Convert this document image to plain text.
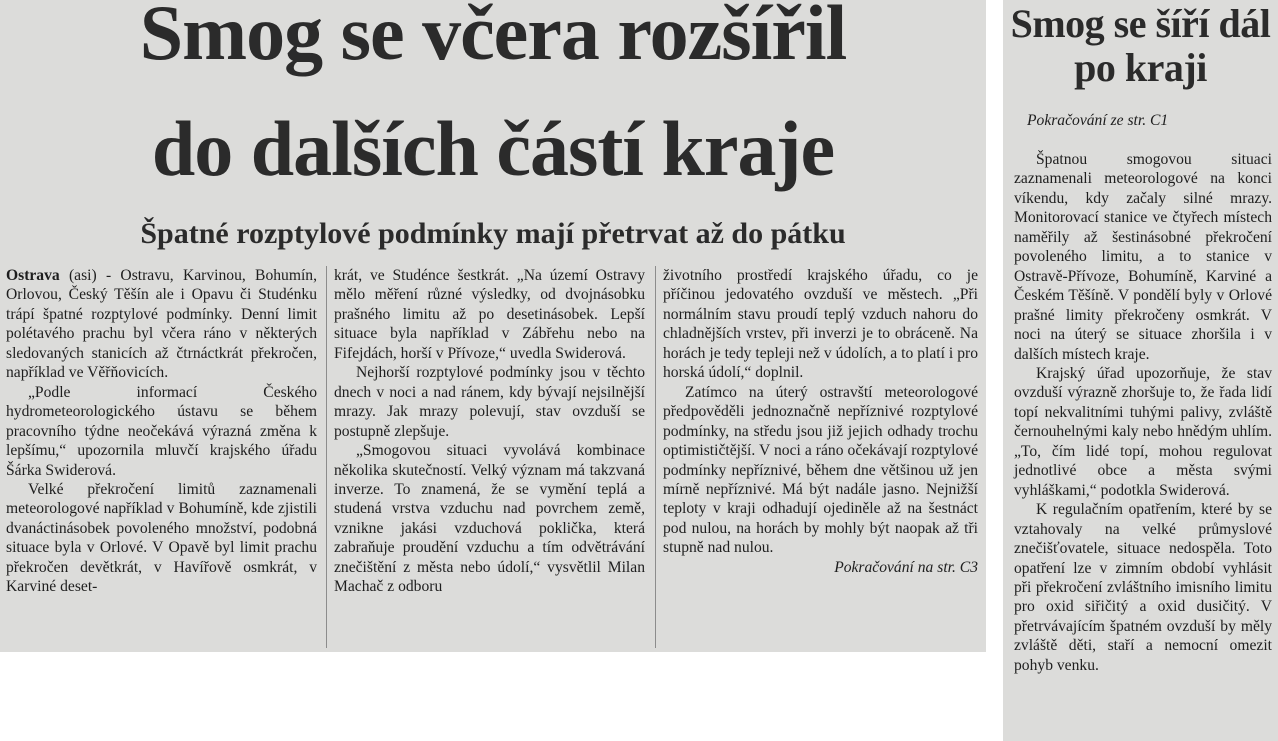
Smog se včera rozšířil
do dalších částí kraje
Špatné rozptylové podmínky mají přetrvat až do pátku

Ostrava (asi) - Ostravu, Karvinou, Bohumín, Orlovou, Český Těšín ale i Opavu či Studénku trápí špatné rozptylové podmínky. Denní limit polétavého prachu byl včera ráno v některých sledovaných stanicích až čtrnáctkrát překročen, například ve Věřňovicích.

„Podle informací Českého hydrometeorologického ústavu se během pracovního týdne neočekává výrazná změna k lepšímu,“ upozornila mluvčí krajského úřadu Šárka Swiderová.

Velké překročení limitů zaznamenali meteorologové například v Bohumíně, kde zjistili dvanáctinásobek povoleného množství, podobná situace byla v Orlové. V Opavě byl limit prachu překročen devětkrát, v Havířově osmkrát, v Karviné deset-

krát, ve Studénce šestkrát. „Na území Ostravy mělo měření různé výsledky, od dvojnásobku prašného limitu až po desetinásobek. Lepší situace byla například v Zábřehu nebo na Fifejdách, horší v Přívoze,“ uvedla Swiderová.

Nejhorší rozptylové podmínky jsou v těchto dnech v noci a nad ránem, kdy bývají nejsilnější mrazy. Jak mrazy polevují, stav ovzduší se postupně zlepšuje.

„Smogovou situaci vyvolává kombinace několika skutečností. Velký význam má takzvaná inverze. To znamená, že se vymění teplá a studená vrstva vzduchu nad povrchem země, vznikne jakási vzduchová poklička, která zabraňuje proudění vzduchu a tím odvětrávání znečištění z města nebo údolí,“ vysvětlil Milan Machač z odboru

životního prostředí krajského úřadu, co je příčinou jedovatého ovzduší ve městech. „Při normálním stavu proudí teplý vzduch nahoru do chladnějších vrstev, při inverzi je to obráceně. Na horách je tedy tepleji než v údolích, a to platí i pro horská údolí,“ doplnil.

Zatímco na úterý ostravští meteorologové předpověděli jednoznačně nepříznivé rozptylové podmínky, na středu jsou již jejich odhady trochu optimističtější. V noci a ráno očekávají rozptylové podmínky nepříznivé, během dne většinou už jen mírně nepříznivé. Má být nadále jasno. Nejnižší teploty v kraji odhadují ojediněle až na šestnáct pod nulou, na horách by mohly být naopak až tři stupně nad nulou.

Pokračování na str. C3

Smog se šíří dál po kraji
Pokračování ze str. C1

Špatnou smogovou situaci zaznamenali meteorologové na konci víkendu, kdy začaly silné mrazy. Monitorovací stanice ve čtyřech místech naměřily až šestinásobné překročení povoleného limitu, a to stanice v Ostravě-Přívoze, Bohumíně, Karviné a Českém Těšíně. V pondělí byly v Orlové prašné limity překročeny osmkrát. V noci na úterý se situace zhoršila i v dalších místech kraje.

Krajský úřad upozorňuje, že stav ovzduší výrazně zhoršuje to, že řada lidí topí nekvalitními tuhými palivy, zvláště černouhelnými kaly nebo hnědým uhlím. „To, čím lidé topí, mohou regulovat jednotlivé obce a města svými vyhláškami,“ podotkla Swiderová.

K regulačním opatřením, které by se vztahovaly na velké průmyslové znečišťovatele, situace nedospěla. Toto opatření lze v zimním období vyhlásit při překročení zvláštního imisního limitu pro oxid siřičitý a oxid dusičitý. V přetrvávajícím špatném ovzduší by měly zvláště děti, staří a nemocní omezit pohyb venku.
